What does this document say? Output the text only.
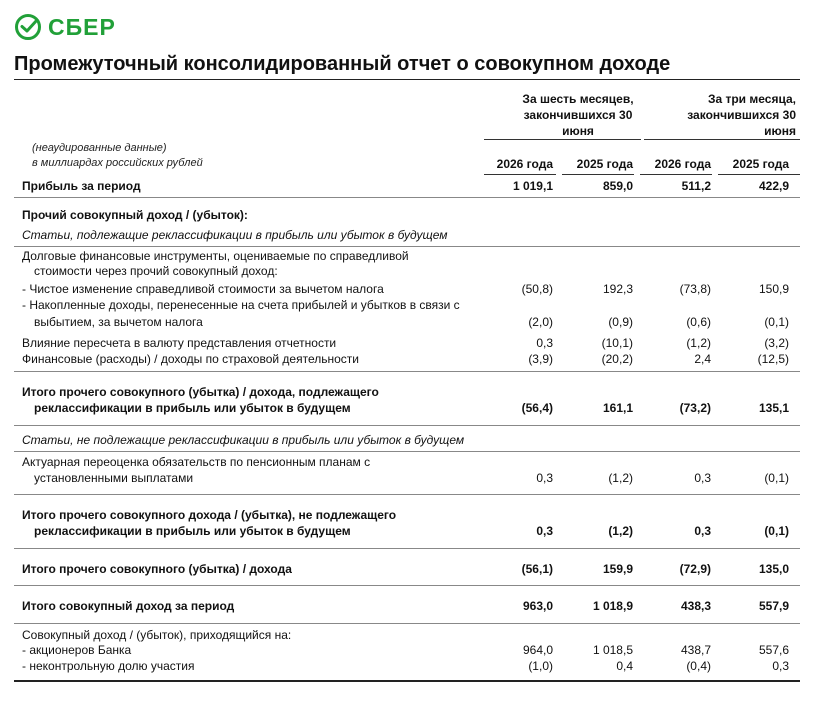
СБЕР
Промежуточный консолидированный отчет о совокупном доходе
За шесть месяцев, закончившихся 30 июня
За три месяца, закончившихся 30 июня
(неаудированные данные)
в миллиардах российских рублей	2026 года	2025 года	2026 года	2025 года
Прибыль за период	1 019,1	859,0	511,2	422,9
Прочий совокупный доход / (убыток):
Статьи, подлежащие реклассификации в прибыль или убыток в будущем
Долговые финансовые инструменты, оцениваемые по справедливой
стоимости через прочий совокупный доход:
- Чистое изменение справедливой стоимости за вычетом налога	(50,8)	192,3	(73,8)	150,9
- Накопленные доходы, перенесенные на счета прибылей и убытков в связи с
выбытием, за вычетом налога	(2,0)	(0,9)	(0,6)	(0,1)
Влияние пересчета в валюту представления отчетности	0,3	(10,1)	(1,2)	(3,2)
Финансовые (расходы) / доходы по страховой деятельности	(3,9)	(20,2)	2,4	(12,5)
Итого прочего совокупного (убытка) / дохода, подлежащего
реклассификации в прибыль или убыток в будущем	(56,4)	161,1	(73,2)	135,1
Статьи, не подлежащие реклассификации в прибыль или убыток в будущем
Актуарная переоценка обязательств по пенсионным планам с
установленными выплатами	0,3	(1,2)	0,3	(0,1)
Итого прочего совокупного дохода / (убытка), не подлежащего
реклассификации в прибыль или убыток в будущем	0,3	(1,2)	0,3	(0,1)
Итого прочего совокупного (убытка) / дохода	(56,1)	159,9	(72,9)	135,0
Итого совокупный доход за период	963,0	1 018,9	438,3	557,9
Совокупный доход / (убыток), приходящийся на:
- акционеров Банка	964,0	1 018,5	438,7	557,6
- неконтрольную долю участия	(1,0)	0,4	(0,4)	0,3
